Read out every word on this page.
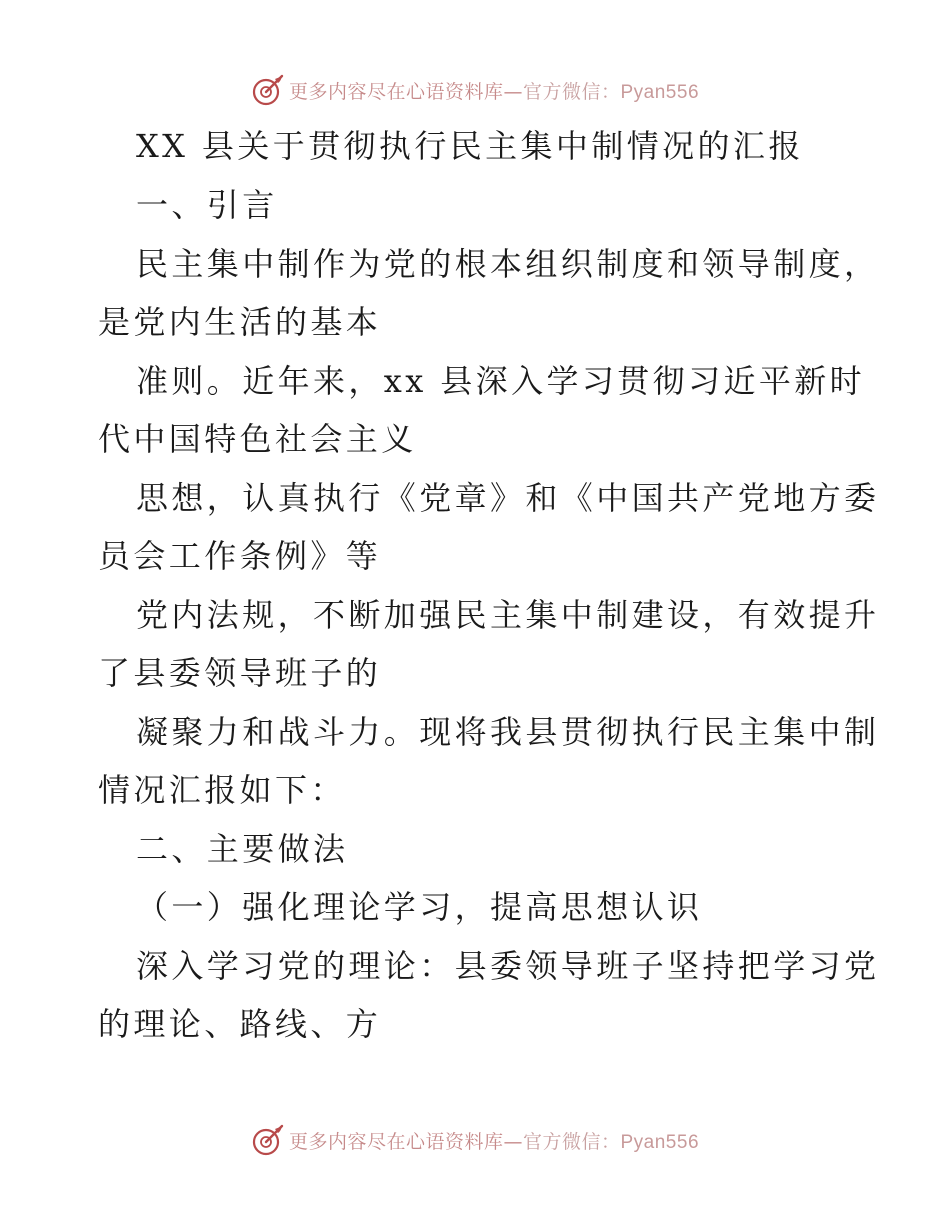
更多内容尽在心语资料库—官方微信：Pyan556
XX 县关于贯彻执行民主集中制情况的汇报
一、引言
民主集中制作为党的根本组织制度和领导制度，
是党内生活的基本
准则。近年来，xx 县深入学习贯彻习近平新时
代中国特色社会主义
思想，认真执行《党章》和《中国共产党地方委
员会工作条例》等
党内法规，不断加强民主集中制建设，有效提升
了县委领导班子的
凝聚力和战斗力。现将我县贯彻执行民主集中制
情况汇报如下：
二、主要做法
（一）强化理论学习，提高思想认识
深入学习党的理论：县委领导班子坚持把学习党
的理论、路线、方
更多内容尽在心语资料库—官方微信：Pyan556
